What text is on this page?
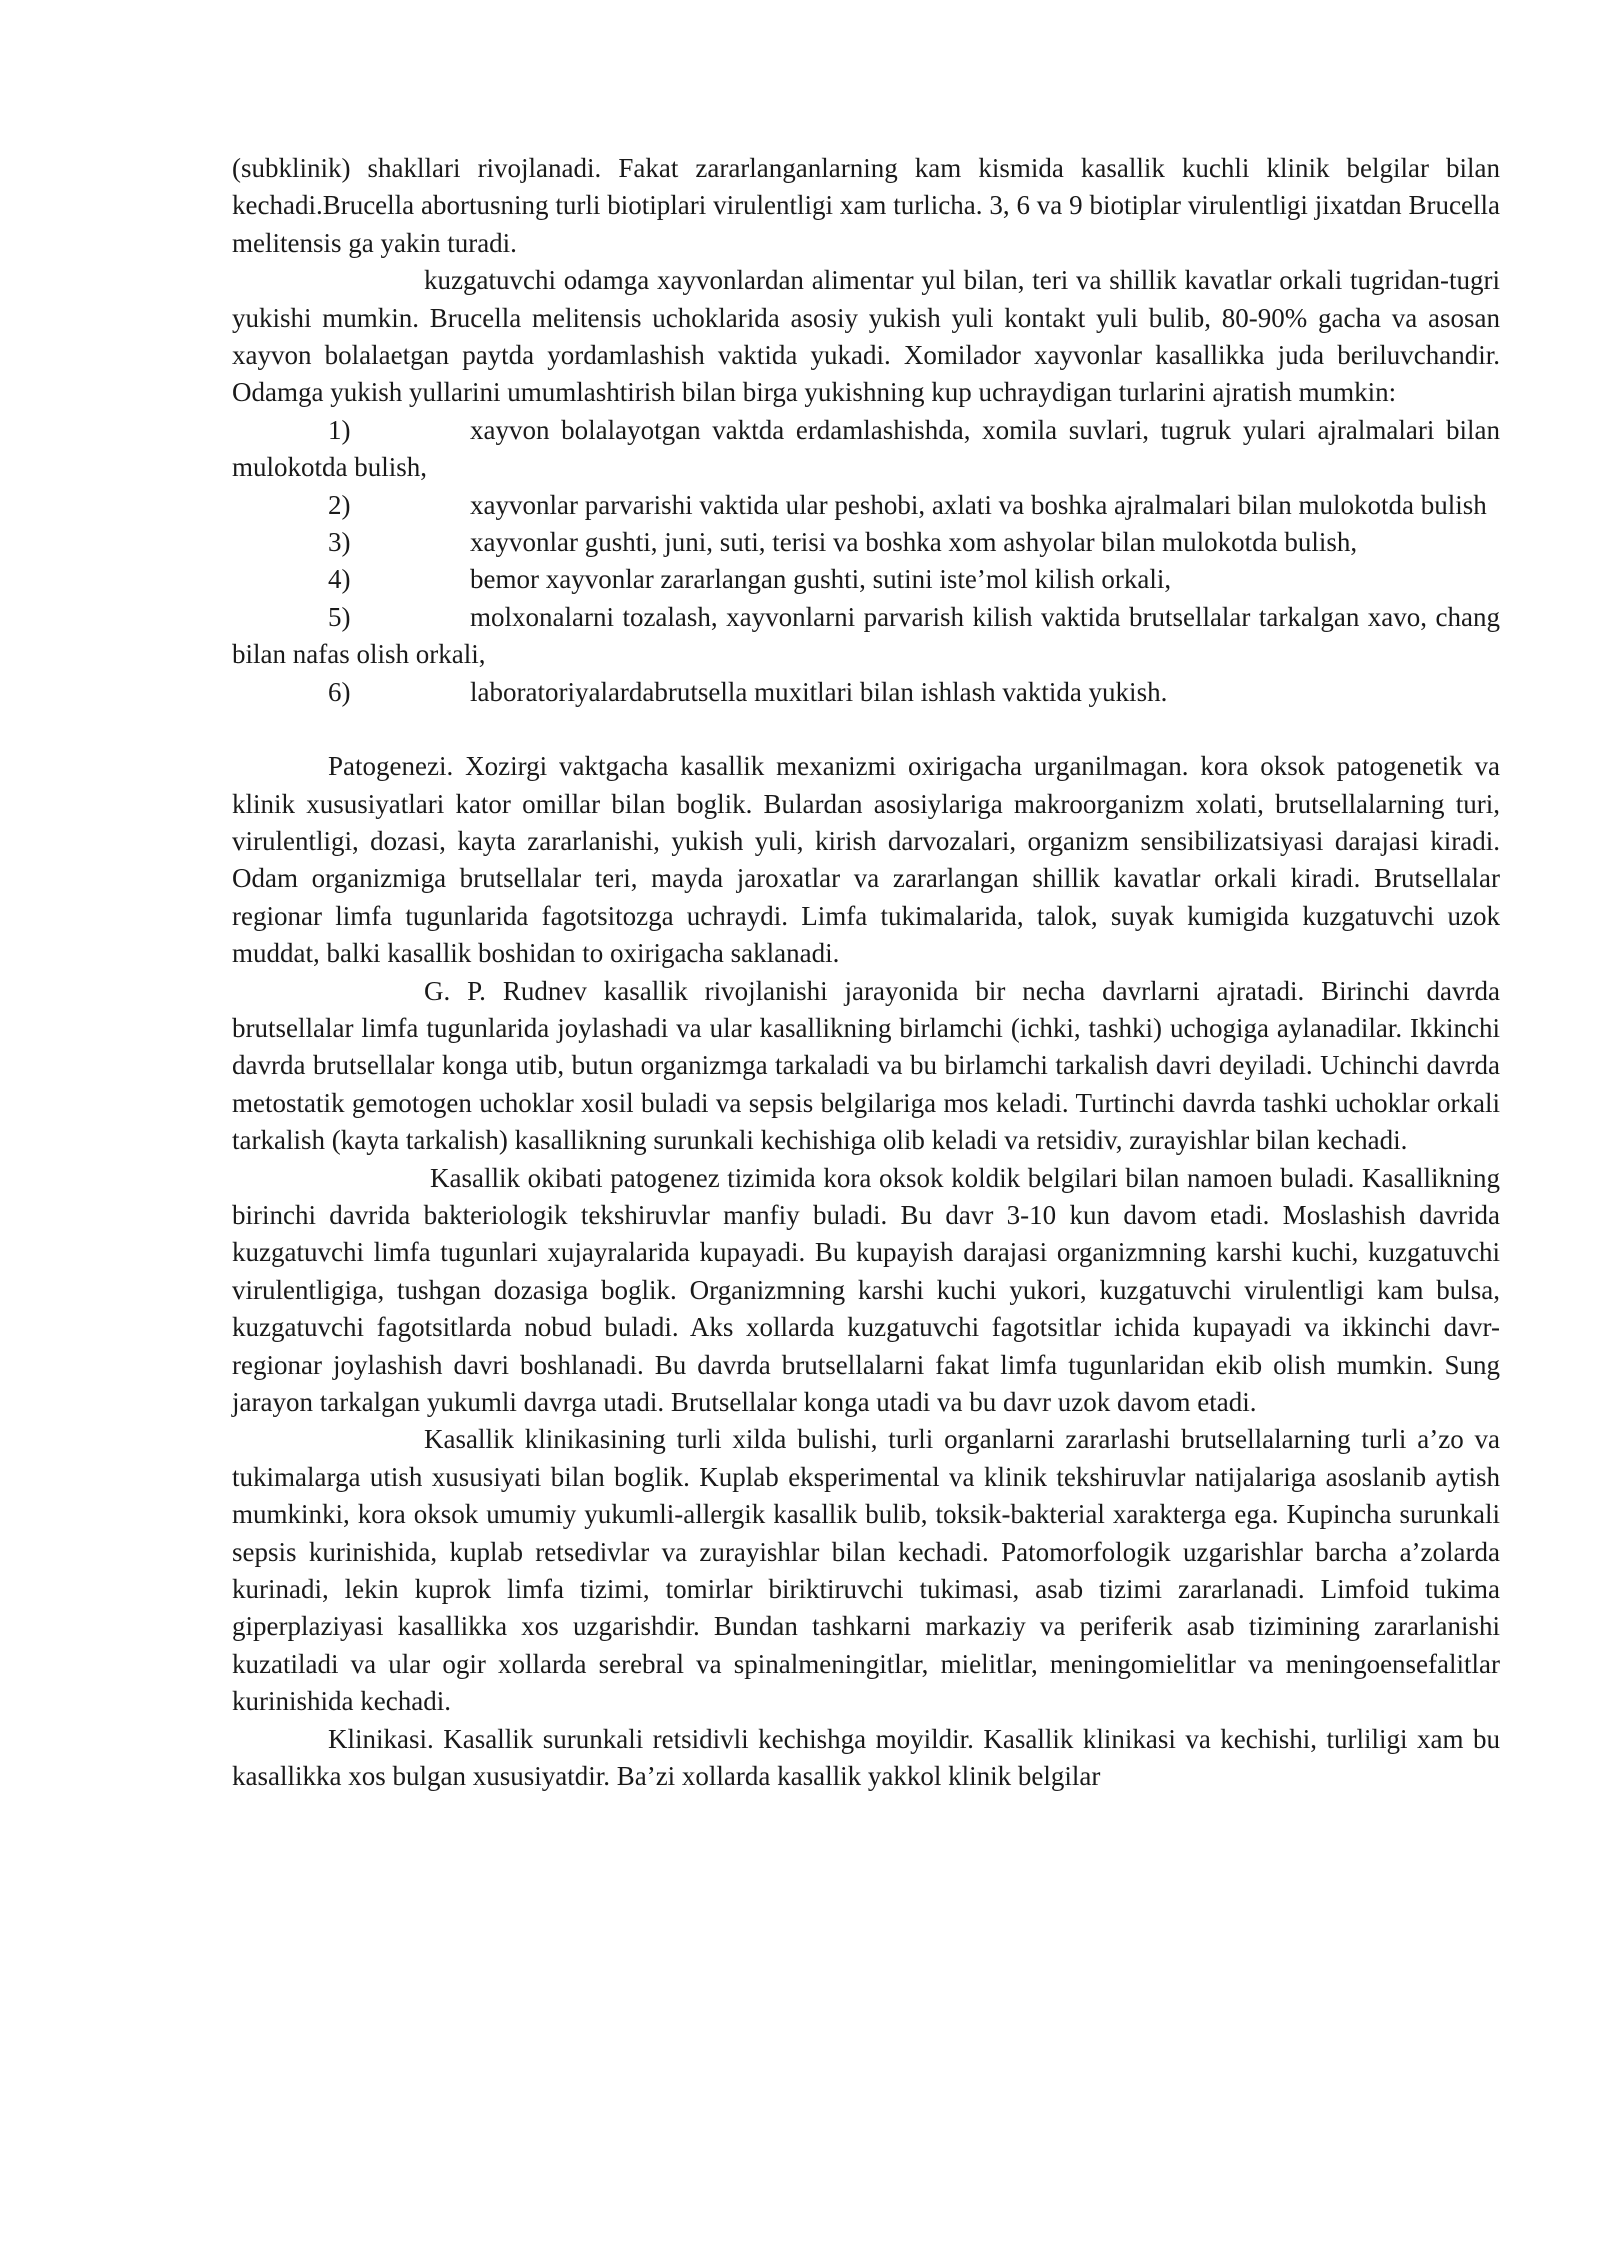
(subklinik) shakllari rivojlanadi. Fakat zararlanganlarning kam kismida kasallik kuchli klinik belgilar bilan kechadi.Brucella abortusning turli biotiplari virulentligi xam turlicha. 3, 6 va 9 biotiplar virulentligi jixatdan Brucella melitensis ga yakin turadi.

kuzgatuvchi odamga xayvonlardan alimentar yul bilan, teri va shillik kavatlar orkali tugridan-tugri yukishi mumkin. Brucella melitensis uchoklarida asosiy yukish yuli kontakt yuli bulib, 80-90% gacha va asosan xayvon bolalaetgan paytda yordamlashish vaktida yukadi. Xomilador xayvonlar kasallikka juda beriluvchandir. Odamga yukish yullarini umumlashtirish bilan birga yukishning kup uchraydigan turlarini ajratish mumkin:

1)	xayvon bolalayotgan vaktda erdamlashishda, xomila suvlari, tugruk yulari ajralmalari bilan mulokotda bulish,

2)	xayvonlar parvarishi vaktida ular peshobi, axlati va boshka ajralmalari bilan mulokotda bulish

3)	xayvonlar gushti, juni, suti, terisi va boshka xom ashyolar bilan mulokotda bulish,

4)	bemor xayvonlar zararlangan gushti, sutini iste’mol kilish orkali,

5)	molxonalarni tozalash, xayvonlarni parvarish kilish vaktida brutsellalar tarkalgan xavo, chang bilan nafas olish orkali,

6)	laboratoriyalardabrutsella muxitlari bilan ishlash vaktida yukish.

Patogenezi. Xozirgi vaktgacha kasallik mexanizmi oxirigacha urganilmagan. kora oksok patogenetik va klinik xususiyatlari kator omillar bilan boglik. Bulardan asosiylariga makroorganizm xolati, brutsellalarning turi, virulentligi, dozasi, kayta zararlanishi, yukish yuli, kirish darvozalari, organizm sensibilizatsiyasi darajasi kiradi. Odam organizmiga brutsellalar teri, mayda jaroxatlar va zararlangan shillik kavatlar orkali kiradi. Brutsellalar regionar limfa tugunlarida fagotsitozga uchraydi. Limfa tukimalarida, talok, suyak kumigida kuzgatuvchi uzok muddat, balki kasallik boshidan to oxirigacha saklanadi.

G. P. Rudnev kasallik rivojlanishi jarayonida bir necha davrlarni ajratadi. Birinchi davrda brutsellalar limfa tugunlarida joylashadi va ular kasallikning birlamchi (ichki, tashki) uchogiga aylanadilar. Ikkinchi davrda brutsellalar konga utib, butun organizmga tarkaladi va bu birlamchi tarkalish davri deyiladi. Uchinchi davrda metostatik gemotogen uchoklar xosil buladi va sepsis belgilariga mos keladi. Turtinchi davrda tashki uchoklar orkali tarkalish (kayta tarkalish) kasallikning surunkali kechishiga olib keladi va retsidiv, zurayishlar bilan kechadi.

Kasallik okibati patogenez tizimida kora oksok koldik belgilari bilan namoen buladi. Kasallikning birinchi davrida bakteriologik tekshiruvlar manfiy buladi. Bu davr 3-10 kun davom etadi. Moslashish davrida kuzgatuvchi limfa tugunlari xujayralarida kupayadi. Bu kupayish darajasi organizmning karshi kuchi, kuzgatuvchi virulentligiga, tushgan dozasiga boglik. Organizmning karshi kuchi yukori, kuzgatuvchi virulentligi kam bulsa, kuzgatuvchi fagotsitlarda nobud buladi. Aks xollarda kuzgatuvchi fagotsitlar ichida kupayadi va ikkinchi davr-regionar joylashish davri boshlanadi. Bu davrda brutsellalarni fakat limfa tugunlaridan ekib olish mumkin. Sung jarayon tarkalgan yukumli davrga utadi. Brutsellalar konga utadi va bu davr uzok davom etadi.

Kasallik klinikasining turli xilda bulishi, turli organlarni zararlashi brutsellalarning turli a’zo va tukimalarga utish xususiyati bilan boglik. Kuplab eksperimental va klinik tekshiruvlar natijalariga asoslanib aytish mumkinki, kora oksok umumiy yukumli-allergik kasallik bulib, toksik-bakterial xarakterga ega. Kupincha surunkali sepsis kurinishida, kuplab retsedivlar va zurayishlar bilan kechadi. Patomorfologik uzgarishlar barcha a’zolarda kurinadi, lekin kuprok limfa tizimi, tomirlar biriktiruvchi tukimasi, asab tizimi zararlanadi. Limfoid tukima giperplaziyasi kasallikka xos uzgarishdir. Bundan tashkarni markaziy va periferik asab tizimining zararlanishi kuzatiladi va ular ogir xollarda serebral va spinalmeningitlar, mielitlar, meningomielitlar va meningoensefalitlar kurinishida kechadi.

Klinikasi. Kasallik surunkali retsidivli kechishga moyildir. Kasallik klinikasi va kechishi, turliligi xam bu kasallikka xos bulgan xususiyatdir. Ba’zi xollarda kasallik yakkol klinik belgilar
